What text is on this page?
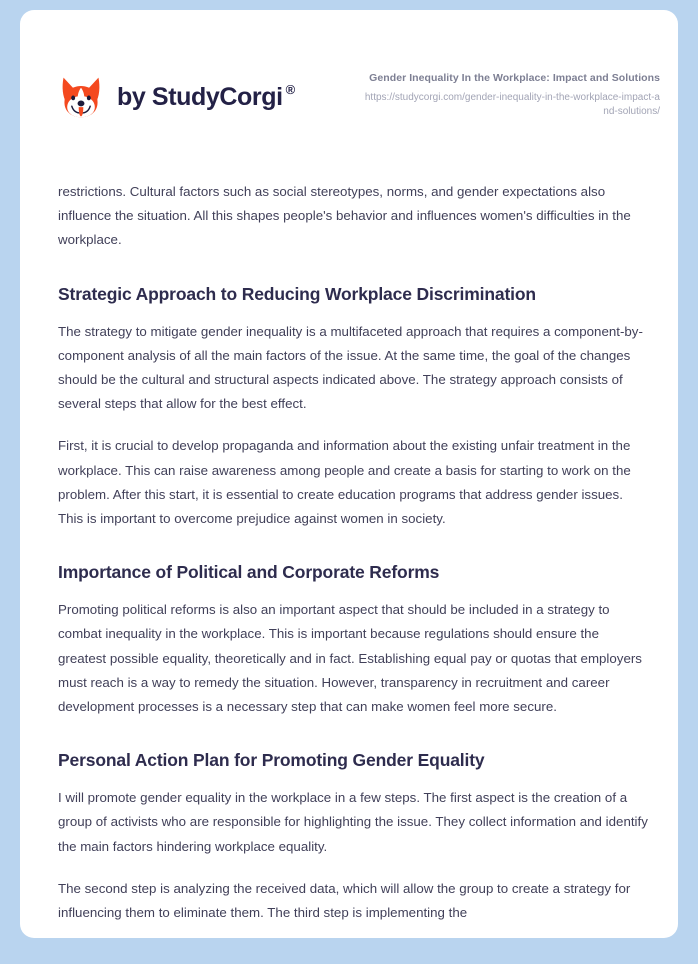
by StudyCorgi ®
Gender Inequality In the Workplace: Impact and Solutions
https://studycorgi.com/gender-inequality-in-the-workplace-impact-and-solutions/

restrictions. Cultural factors such as social stereotypes, norms, and gender expectations also influence the situation. All this shapes people's behavior and influences women's difficulties in the workplace.

Strategic Approach to Reducing Workplace Discrimination

The strategy to mitigate gender inequality is a multifaceted approach that requires a component-by-component analysis of all the main factors of the issue. At the same time, the goal of the changes should be the cultural and structural aspects indicated above. The strategy approach consists of several steps that allow for the best effect.

First, it is crucial to develop propaganda and information about the existing unfair treatment in the workplace. This can raise awareness among people and create a basis for starting to work on the problem. After this start, it is essential to create education programs that address gender issues. This is important to overcome prejudice against women in society.

Importance of Political and Corporate Reforms

Promoting political reforms is also an important aspect that should be included in a strategy to combat inequality in the workplace. This is important because regulations should ensure the greatest possible equality, theoretically and in fact. Establishing equal pay or quotas that employers must reach is a way to remedy the situation. However, transparency in recruitment and career development processes is a necessary step that can make women feel more secure.

Personal Action Plan for Promoting Gender Equality

I will promote gender equality in the workplace in a few steps. The first aspect is the creation of a group of activists who are responsible for highlighting the issue. They collect information and identify the main factors hindering workplace equality.

The second step is analyzing the received data, which will allow the group to create a strategy for influencing them to eliminate them. The third step is implementing the
